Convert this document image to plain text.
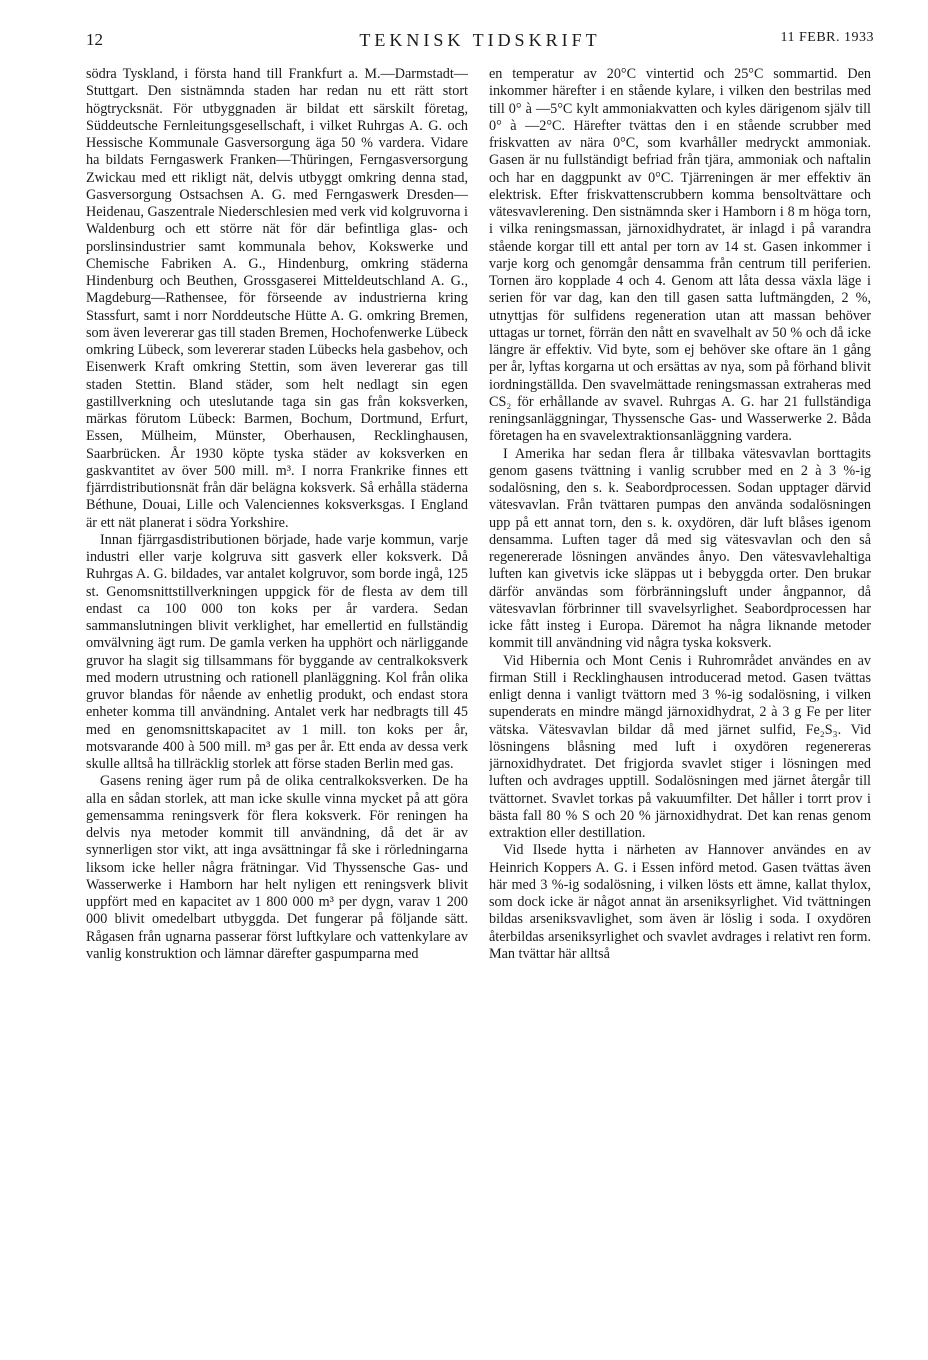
12	TEKNISK TIDSKRIFT	11 FEBR. 1933

södra Tyskland, i första hand till Frankfurt a. M.—Darmstadt—Stuttgart. Den sistnämnda staden har redan nu ett rätt stort högtrycksnät. För utbyggnaden är bildat ett särskilt företag, Süddeutsche Fernleitungsgesellschaft, i vilket Ruhrgas A. G. och Hessische Kommunale Gasversorgung äga 50 % vardera. Vidare ha bildats Ferngaswerk Franken—Thüringen, Ferngasversorgung Zwickau med ett rikligt nät, delvis utbyggt omkring denna stad, Gasversorgung Ostsachsen A. G. med Ferngaswerk Dresden—Heidenau, Gaszentrale Niederschlesien med verk vid kolgruvorna i Waldenburg och ett större nät för där befintliga glas- och porslinsindustrier samt kommunala behov, Kokswerke und Chemische Fabriken A. G., Hindenburg, omkring städerna Hindenburg och Beuthen, Grossgaserei Mitteldeutschland A. G., Magdeburg—Rathensee, för förseende av industrierna kring Stassfurt, samt i norr Norddeutsche Hütte A. G. omkring Bremen, som även levererar gas till staden Bremen, Hochofenwerke Lübeck omkring Lübeck, som levererar staden Lübecks hela gasbehov, och Eisenwerk Kraft omkring Stettin, som även levererar gas till staden Stettin. Bland städer, som helt nedlagt sin egen gastillverkning och uteslutande taga sin gas från koksverken, märkas förutom Lübeck: Barmen, Bochum, Dortmund, Erfurt, Essen, Mülheim, Münster, Oberhausen, Recklinghausen, Saarbrücken. År 1930 köpte tyska städer av koksverken en gaskvantitet av över 500 mill. m³. I norra Frankrike finnes ett fjärrdistributionsnät från där belägna koksverk. Så erhålla städerna Béthune, Douai, Lille och Valenciennes koksverksgas. I England är ett nät planerat i södra Yorkshire.

Innan fjärrgasdistributionen började, hade varje kommun, varje industri eller varje kolgruva sitt gasverk eller koksverk. Då Ruhrgas A. G. bildades, var antalet kolgruvor, som borde ingå, 125 st. Genomsnittstillverkningen uppgick för de flesta av dem till endast ca 100 000 ton koks per år vardera. Sedan sammanslutningen blivit verklighet, har emellertid en fullständig omvälvning ägt rum. De gamla verken ha upphört och närliggande gruvor ha slagit sig tillsammans för byggande av centralkoksverk med modern utrustning och rationell planläggning. Kol från olika gruvor blandas för nående av enhetlig produkt, och endast stora enheter komma till användning. Antalet verk har nedbragts till 45 med en genomsnittskapacitet av 1 mill. ton koks per år, motsvarande 400 à 500 mill. m³ gas per år. Ett enda av dessa verk skulle alltså ha tillräcklig storlek att förse staden Berlin med gas.

Gasens rening äger rum på de olika centralkoksverken. De ha alla en sådan storlek, att man icke skulle vinna mycket på att göra gemensamma reningsverk för flera koksverk. För reningen ha delvis nya metoder kommit till användning, då det är av synnerligen stor vikt, att inga avsättningar få ske i rörledningarna liksom icke heller några frätningar. Vid Thyssensche Gas- und Wasserwerke i Hamborn har helt nyligen ett reningsverk blivit uppfört med en kapacitet av 1 800 000 m³ per dygn, varav 1 200 000 blivit omedelbart utbyggda. Det fungerar på följande sätt. Rågasen från ugnarna passerar först luftkylare och vattenkylare av vanlig konstruktion och lämnar därefter gaspumparna med

en temperatur av 20°C vintertid och 25°C sommartid. Den inkommer härefter i en stående kylare, i vilken den bestrilas med till 0° à —5°C kylt ammoniakvatten och kyles därigenom själv till 0° à —2°C. Härefter tvättas den i en stående scrubber med friskvatten av nära 0°C, som kvarhåller medryckt ammoniak. Gasen är nu fullständigt befriad från tjära, ammoniak och naftalin och har en daggpunkt av 0°C. Tjärreningen är mer effektiv än elektrisk. Efter friskvattenscrubbern komma bensoltvättare och vätesvavlerening. Den sistnämnda sker i Hamborn i 8 m höga torn, i vilka reningsmassan, järnoxidhydratet, är inlagd i på varandra stående korgar till ett antal per torn av 14 st. Gasen inkommer i varje korg och genomgår densamma från centrum till periferien. Tornen äro kopplade 4 och 4. Genom att låta dessa växla läge i serien för var dag, kan den till gasen satta luftmängden, 2 %, utnyttjas för sulfidens regeneration utan att massan behöver uttagas ur tornet, förrän den nått en svavelhalt av 50 % och då icke längre är effektiv. Vid byte, som ej behöver ske oftare än 1 gång per år, lyftas korgarna ut och ersättas av nya, som på förhand blivit iordningställda. Den svavelmättade reningsmassan extraheras med CS₂ för erhållande av svavel. Ruhrgas A. G. har 21 fullständiga reningsanläggningar, Thyssensche Gas- und Wasserwerke 2. Båda företagen ha en svavelextraktionsanläggning vardera.

I Amerika har sedan flera år tillbaka vätesvavlan borttagits genom gasens tvättning i vanlig scrubber med en 2 à 3 %-ig sodalösning, den s. k. Seabordprocessen. Sodan upptager därvid vätesvavlan. Från tvättaren pumpas den använda sodalösningen upp på ett annat torn, den s. k. oxydören, där luft blåses igenom densamma. Luften tager då med sig vätesvavlan och den så regenererade lösningen användes ånyo. Den vätesvavlehaltiga luften kan givetvis icke släppas ut i bebyggda orter. Den brukar därför användas som förbränningsluft under ångpannor, då vätesvavlan förbrinner till svavelsyrlighet. Seabordprocessen har icke fått insteg i Europa. Däremot ha några liknande metoder kommit till användning vid några tyska koksverk.

Vid Hibernia och Mont Cenis i Ruhrområdet användes en av firman Still i Recklinghausen introducerad metod. Gasen tvättas enligt denna i vanligt tvättorn med 3 %-ig sodalösning, i vilken supenderats en mindre mängd järnoxidhydrat, 2 à 3 g Fe per liter vätska. Vätesvavlan bildar då med järnet sulfid, Fe₂S₃. Vid lösningens blåsning med luft i oxydören regenereras järnoxidhydratet. Det frigjorda svavlet stiger i lösningen med luften och avdrages upptill. Sodalösningen med järnet återgår till tvättornet. Svavlet torkas på vakuumfilter. Det håller i torrt prov i bästa fall 80 % S och 20 % järnoxidhydrat. Det kan renas genom extraktion eller destillation.

Vid Ilsede hytta i närheten av Hannover användes en av Heinrich Koppers A. G. i Essen införd metod. Gasen tvättas även här med 3 %-ig sodalösning, i vilken lösts ett ämne, kallat thylox, som dock icke är något annat än arseniksyrlighet. Vid tvättningen bildas arseniksvavlighet, som även är löslig i soda. I oxydören återbildas arseniksyrlighet och svavlet avdrages i relativt ren form. Man tvättar här alltså
